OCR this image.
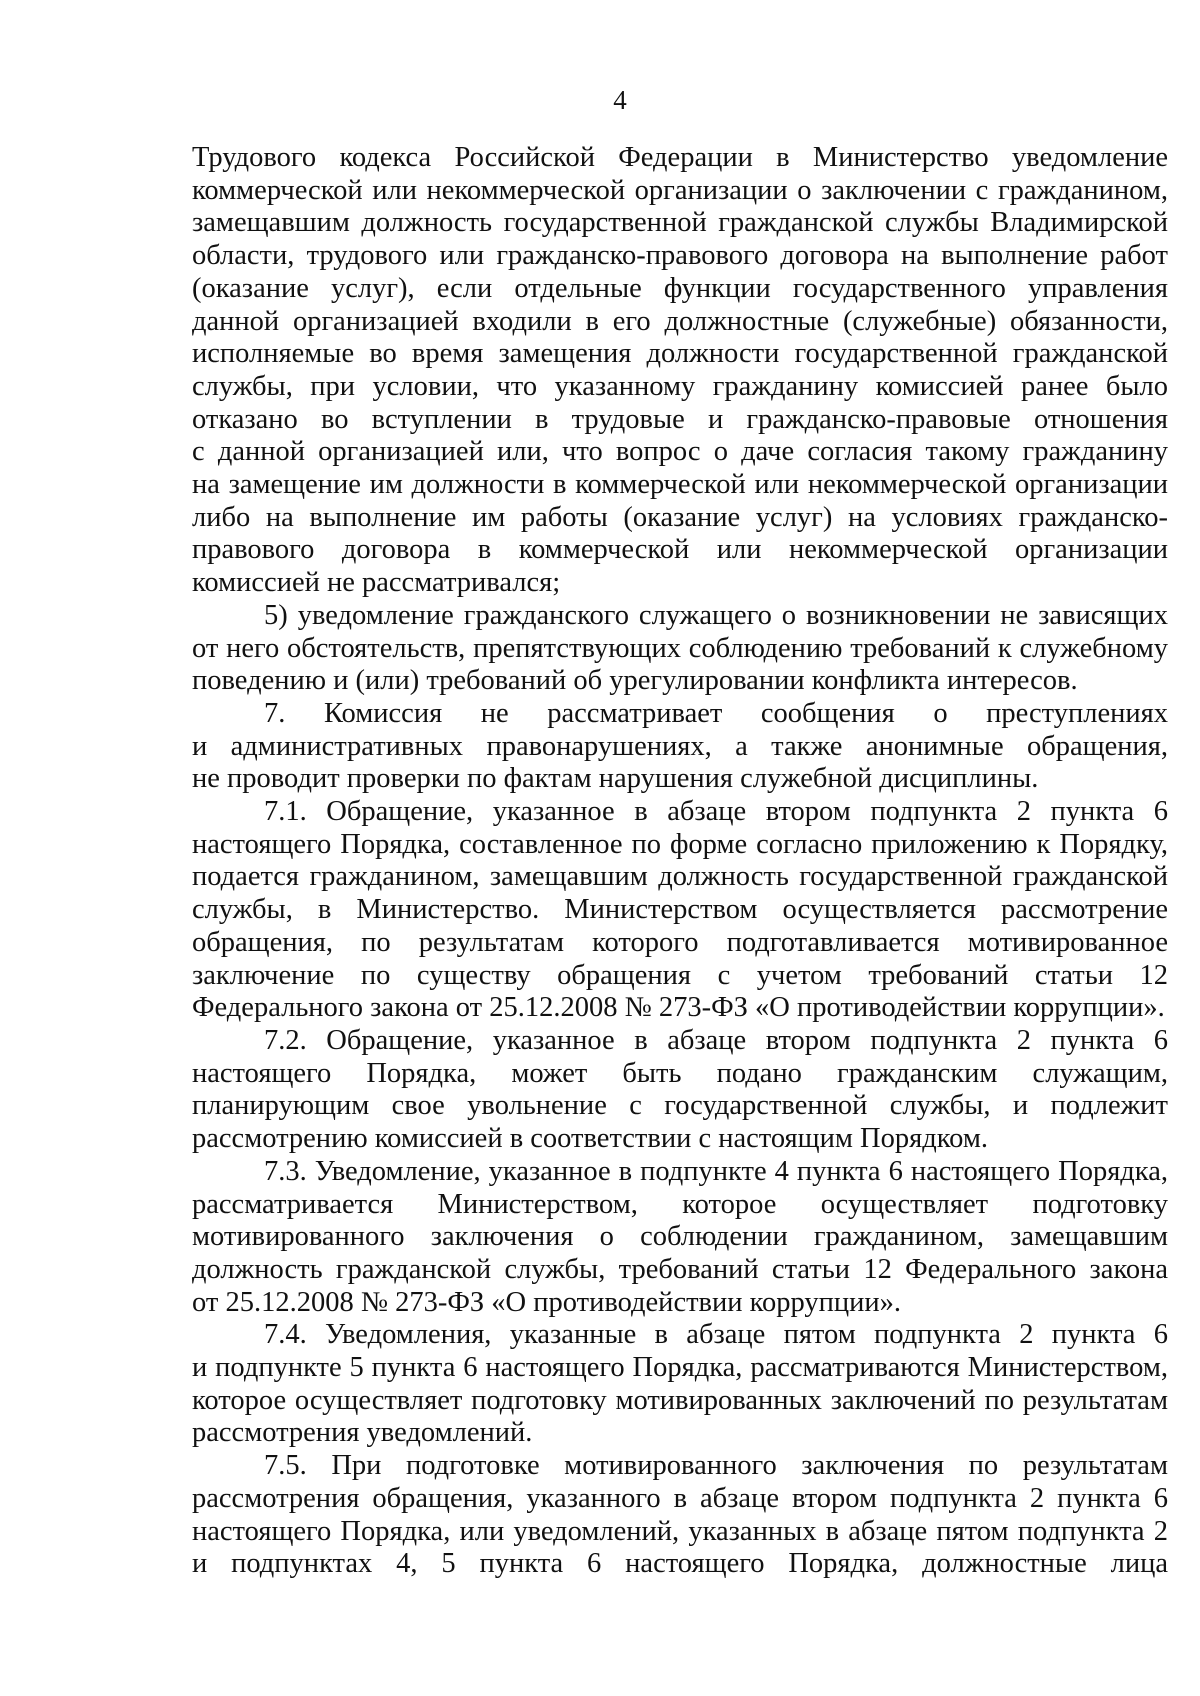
4
Трудового кодекса Российской Федерации в Министерство уведомление
коммерческой или некоммерческой организации о заключении с гражданином,
замещавшим должность государственной гражданской службы Владимирской
области, трудового или гражданско-правового договора на выполнение работ
(оказание услуг), если отдельные функции государственного управления
данной организацией входили в его должностные (служебные) обязанности,
исполняемые во время замещения должности государственной гражданской
службы, при условии, что указанному гражданину комиссией ранее было
отказано во вступлении в трудовые и гражданско-правовые отношения
с данной организацией или, что вопрос о даче согласия такому гражданину
на замещение им должности в коммерческой или некоммерческой организации
либо на выполнение им работы (оказание услуг) на условиях гражданско-
правового договора в коммерческой или некоммерческой организации
комиссией не рассматривался;
5) уведомление гражданского служащего о возникновении не зависящих
от него обстоятельств, препятствующих соблюдению требований к служебному
поведению и (или) требований об урегулировании конфликта интересов.
7. Комиссия не рассматривает сообщения о преступлениях
и административных правонарушениях, а также анонимные обращения,
не проводит проверки по фактам нарушения служебной дисциплины.
7.1. Обращение, указанное в абзаце втором подпункта 2 пункта 6
настоящего Порядка, составленное по форме согласно приложению к Порядку,
подается гражданином, замещавшим должность государственной гражданской
службы, в Министерство. Министерством осуществляется рассмотрение
обращения, по результатам которого подготавливается мотивированное
заключение по существу обращения с учетом требований статьи 12
Федерального закона от 25.12.2008 № 273-ФЗ «О противодействии коррупции».
7.2. Обращение, указанное в абзаце втором подпункта 2 пункта 6
настоящего Порядка, может быть подано гражданским служащим,
планирующим свое увольнение с государственной службы, и подлежит
рассмотрению комиссией в соответствии с настоящим Порядком.
7.3. Уведомление, указанное в подпункте 4 пункта 6 настоящего Порядка,
рассматривается Министерством, которое осуществляет подготовку
мотивированного заключения о соблюдении гражданином, замещавшим
должность гражданской службы, требований статьи 12 Федерального закона
от 25.12.2008 № 273-ФЗ «О противодействии коррупции».
7.4. Уведомления, указанные в абзаце пятом подпункта 2 пункта 6
и подпункте 5 пункта 6 настоящего Порядка, рассматриваются Министерством,
которое осуществляет подготовку мотивированных заключений по результатам
рассмотрения уведомлений.
7.5. При подготовке мотивированного заключения по результатам
рассмотрения обращения, указанного в абзаце втором подпункта 2 пункта 6
настоящего Порядка, или уведомлений, указанных в абзаце пятом подпункта 2
и подпунктах 4, 5 пункта 6 настоящего Порядка, должностные лица
